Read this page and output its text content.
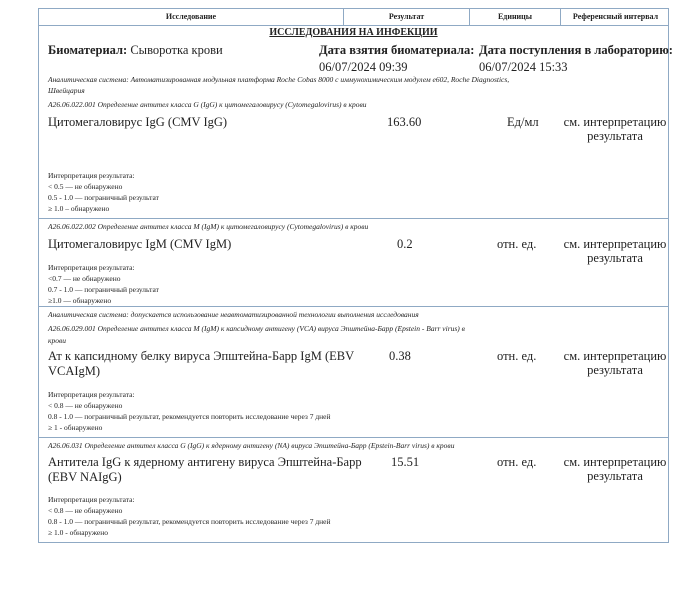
Исследование	Результат	Единицы	Референсный интервал
ИССЛЕДОВАНИЯ НА ИНФЕКЦИИ
Биоматериал: Сыворотка крови	Дата взятия биоматериала:
06/07/2024 09:39
Дата поступления в лабораторию:
06/07/2024 15:33
Аналитическая система: Автоматизированная модульная платформа Roche Cobas 8000 с иммунохимическим модулем е602, Roche Diagnostics,
Швейцария
A26.06.022.001 Определение антител класса G (IgG) к цитомегаловирусу (Cytomegalovirus) в крови
Цитомегаловирус IgG (CMV IgG)	163.60	Ед/мл см. интерпретацию результата
Интерпретация результата:
< 0.5 — не обнаружено
0.5 - 1.0 — пограничный результат
≥ 1.0 – обнаружено
A26.06.022.002 Определение антител класса M (IgM) к цитомегаловирусу (Cytomegalovirus) в крови
Цитомегаловирус IgM (CMV IgM)	0.2	отн. ед. см. интерпретацию результата
Интерпретация результата:
<0.7 — не обнаружено
0.7 - 1.0 — пограничный результат
≥1.0 — обнаружено
Аналитическая система: допускается использование неавтоматизированной технологии выполнения исследования
A26.06.029.001 Определение антител класса M (IgM) к капсидному антигену (VCA) вируса Эпштейна-Барр (Epstein - Barr virus) в
крови
Ат к капсидному белку вируса Эпштейна-Барр IgM (EBV
VCAIgM)
0.38	отн. ед. см. интерпретацию результата
Интерпретация результата:
< 0.8 — не обнаружено
0.8 - 1.0 — пограничный результат, рекомендуется повторить исследование через 7 дней
≥ 1 - обнаружено
A26.06.031 Определение антител класса G (IgG) к ядерному антигену (NA) вируса Эпштейна-Барр (Epstein-Barr virus) в крови
Антитела IgG к ядерному антигену вируса Эпштейна-Барр
(EBV NAIgG)
15.51	отн. ед. см. интерпретацию результата
Интерпретация результата:
< 0.8 — не обнаружено
0.8 - 1.0 — пограничный результат, рекомендуется повторить исследование через 7 дней
≥ 1.0 - обнаружено
